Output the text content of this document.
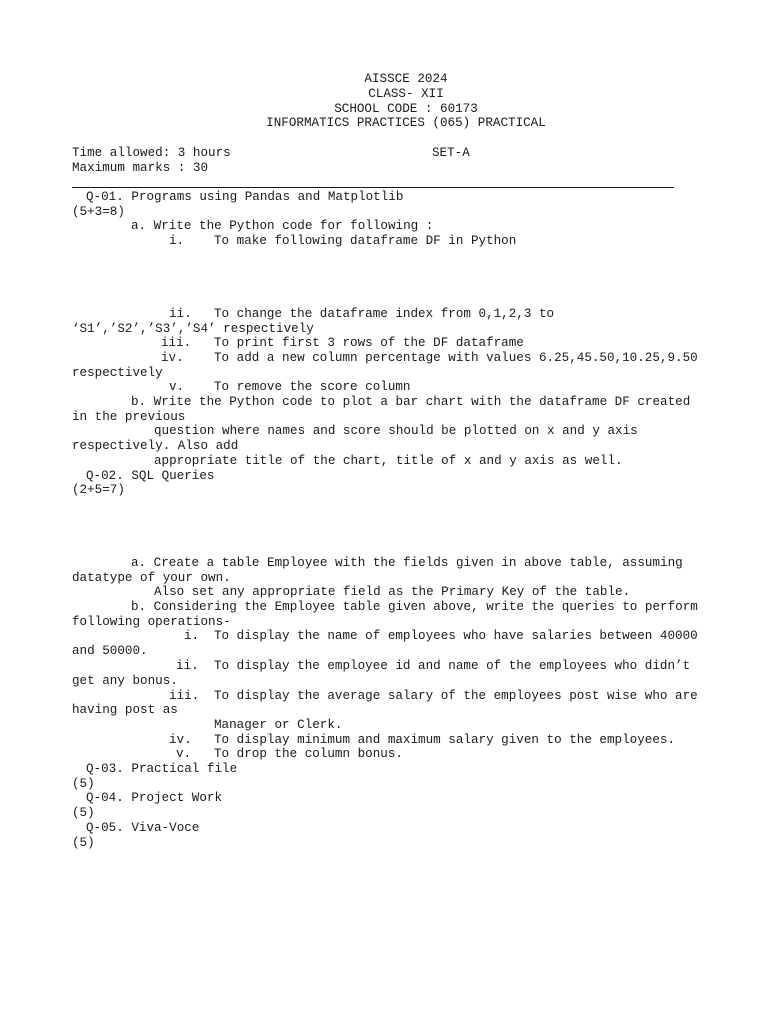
AISSCE 2024
CLASS- XII
SCHOOL CODE : 60173
INFORMATICS PRACTICES (065) PRACTICAL
Time allowed: 3 hours	SET-A
Maximum marks : 30
Q-01. Programs using Pandas and Matplotlib
(5+3=8)
a. Write the Python code for following :
i. To make following dataframe DF in Python
ii. To change the dataframe index from 0,1,2,3 to
‘S1’,’S2’,’S3’,’S4’ respectively
iii. To print first 3 rows of the DF dataframe
iv. To add a new column percentage with values 6.25,45.50,10.25,9.50
respectively
v. To remove the score column
b. Write the Python code to plot a bar chart with the dataframe DF created
in the previous
question where names and score should be plotted on x and y axis
respectively. Also add
appropriate title of the chart, title of x and y axis as well.
Q-02. SQL Queries
(2+5=7)
a. Create a table Employee with the fields given in above table, assuming
datatype of your own.
Also set any appropriate field as the Primary Key of the table.
b. Considering the Employee table given above, write the queries to perform
following operations-
i. To display the name of employees who have salaries between 40000
and 50000.
ii. To display the employee id and name of the employees who didn’t
get any bonus.
iii. To display the average salary of the employees post wise who are
having post as
Manager or Clerk.
iv. To display minimum and maximum salary given to the employees.
v. To drop the column bonus.
Q-03. Practical file
(5)
Q-04. Project Work
(5)
Q-05. Viva-Voce
(5)
